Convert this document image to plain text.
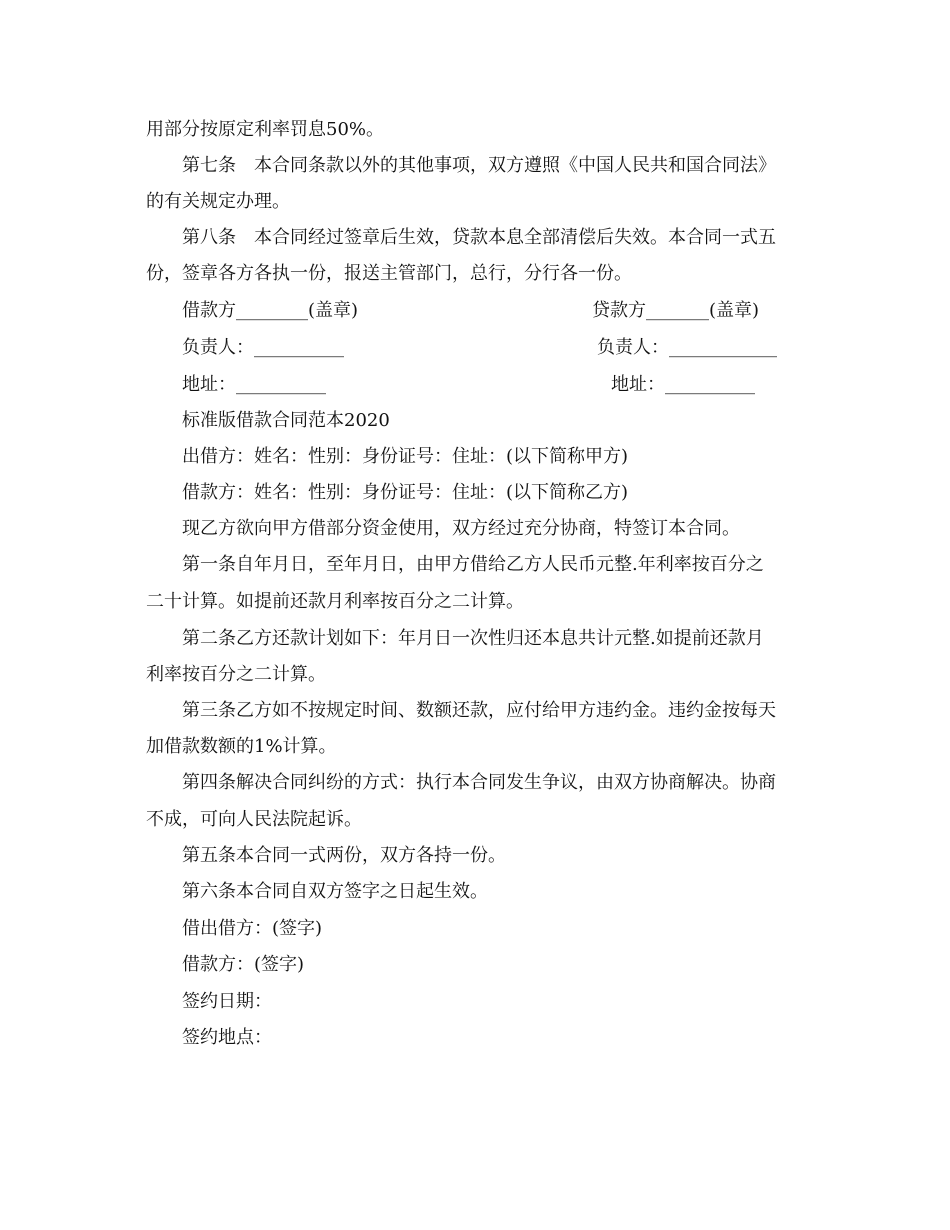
用部分按原定利率罚息50%。
第七条　本合同条款以外的其他事项，双方遵照《中国人民共和国合同法》
的有关规定办理。
第八条　本合同经过签章后生效，贷款本息全部清偿后失效。本合同一式五
份，签章各方各执一份，报送主管部门，总行，分行各一份。
借款方________(盖章)	贷款方_______(盖章)
负责人：__________	负责人：____________
地址：__________	地址：__________
标准版借款合同范本2020
出借方：姓名：性别：身份证号：住址：(以下简称甲方)
借款方：姓名：性别：身份证号：住址：(以下简称乙方)
现乙方欲向甲方借部分资金使用，双方经过充分协商，特签订本合同。
第一条自年月日，至年月日，由甲方借给乙方人民币元整.年利率按百分之
二十计算。如提前还款月利率按百分之二计算。
第二条乙方还款计划如下：年月日一次性归还本息共计元整.如提前还款月
利率按百分之二计算。
第三条乙方如不按规定时间、数额还款，应付给甲方违约金。违约金按每天
加借款数额的1%计算。
第四条解决合同纠纷的方式：执行本合同发生争议，由双方协商解决。协商
不成，可向人民法院起诉。
第五条本合同一式两份，双方各持一份。
第六条本合同自双方签字之日起生效。
借出借方：(签字)
借款方：(签字)
签约日期：
签约地点：
